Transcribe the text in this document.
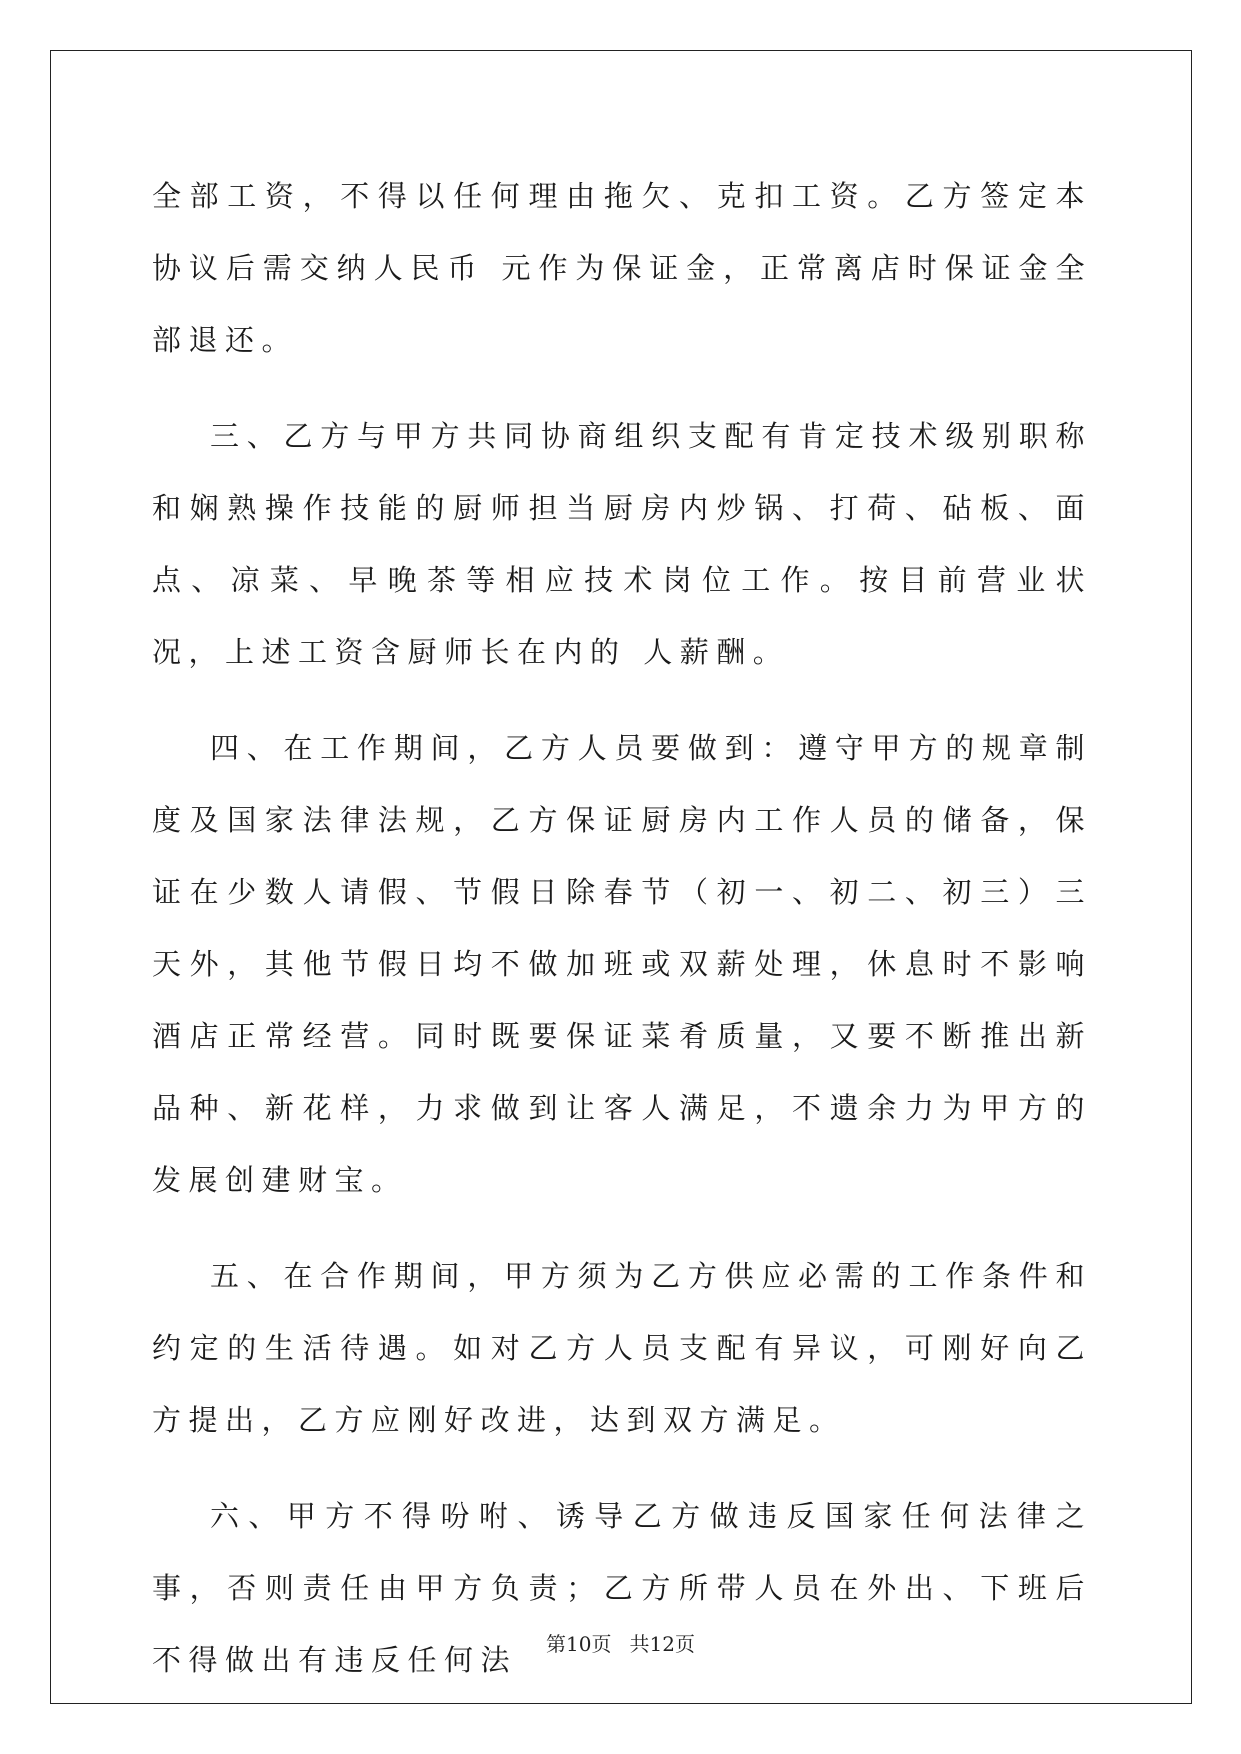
全部工资，不得以任何理由拖欠、克扣工资。乙方签定本协议后需交纳人民币 元作为保证金，正常离店时保证金全部退还。

三、乙方与甲方共同协商组织支配有肯定技术级别职称和娴熟操作技能的厨师担当厨房内炒锅、打荷、砧板、面点、凉菜、早晚茶等相应技术岗位工作。按目前营业状况，上述工资含厨师长在内的 人薪酬。

四、在工作期间，乙方人员要做到：遵守甲方的规章制度及国家法律法规，乙方保证厨房内工作人员的储备，保证在少数人请假、节假日除春节（初一、初二、初三）三天外，其他节假日均不做加班或双薪处理，休息时不影响酒店正常经营。同时既要保证菜肴质量，又要不断推出新品种、新花样，力求做到让客人满足，不遗余力为甲方的发展创建财宝。

五、在合作期间，甲方须为乙方供应必需的工作条件和约定的生活待遇。如对乙方人员支配有异议，可刚好向乙方提出，乙方应刚好改进，达到双方满足。

六、甲方不得吩咐、诱导乙方做违反国家任何法律之事，否则责任由甲方负责；乙方所带人员在外出、下班后不得做出有违反任何法	第10页 共12页
